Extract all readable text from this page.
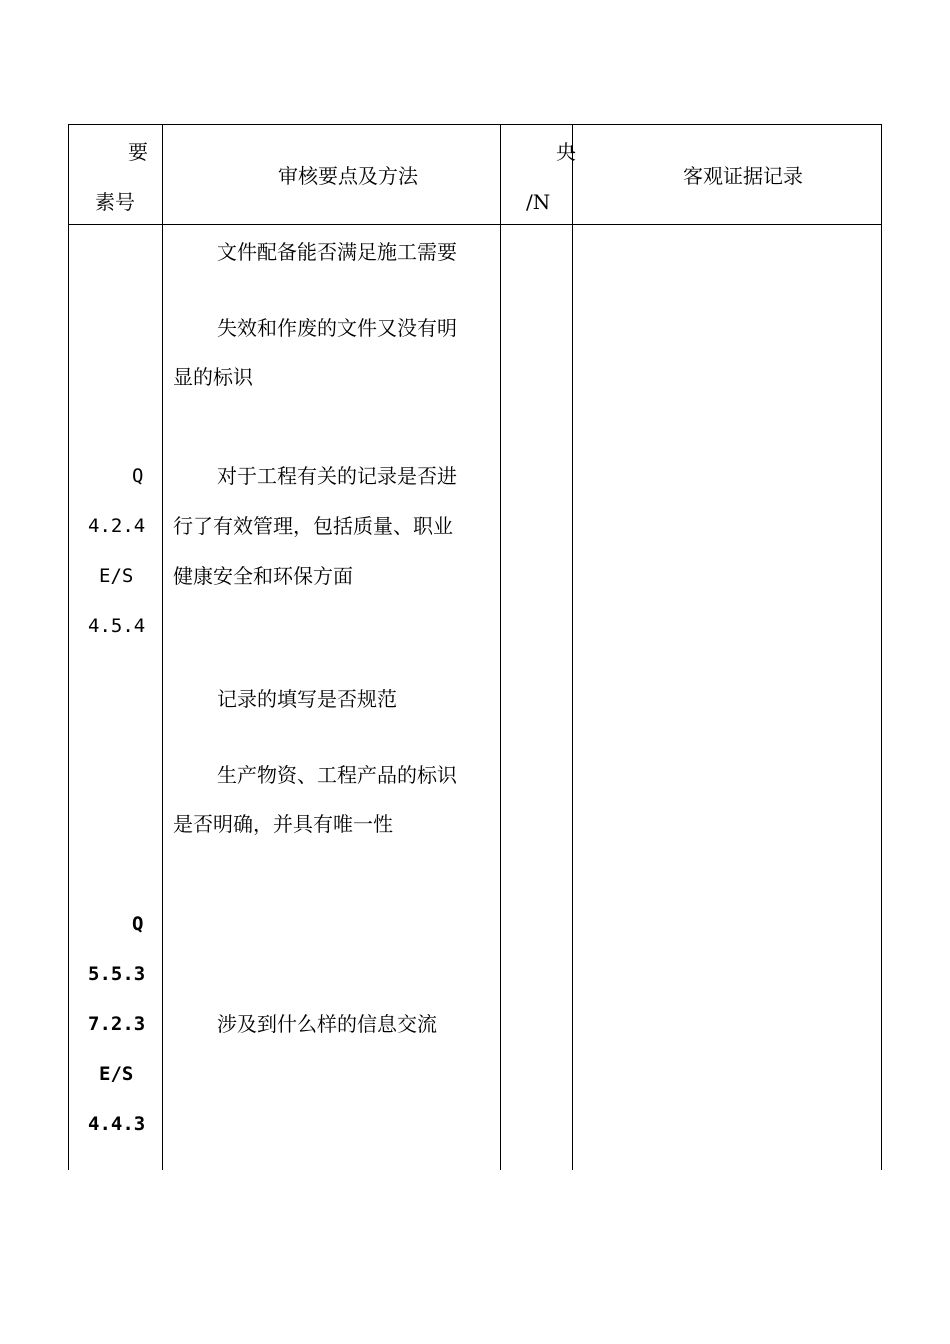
要
素号
审核要点及方法
央
/N
客观证据记录
Q
4.2.4
E/S
4.5.4
Q
5.5.3
7.2.3
E/S
4.4.3
文件配备能否满足施工需要
失效和作废的文件又没有明
显的标识
对于工程有关的记录是否进
行了有效管理，包括质量、职业
健康安全和环保方面
记录的填写是否规范
生产物资、工程产品的标识
是否明确，并具有唯一性
涉及到什么样的信息交流
